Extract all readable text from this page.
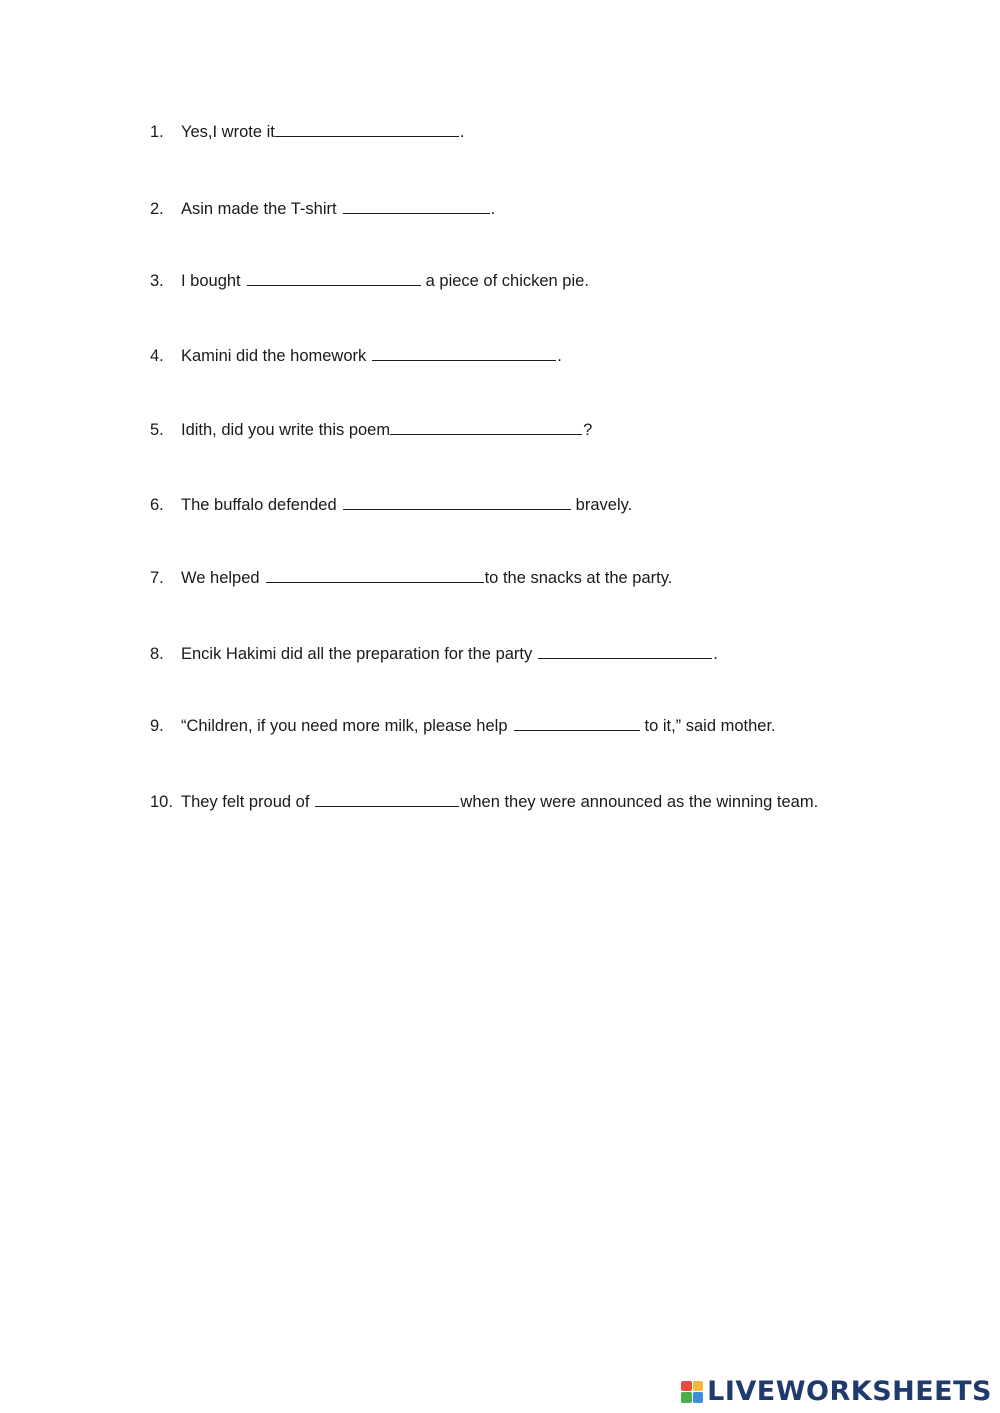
1.	Yes,I wrote it	.
2.	Asin made the T-shirt	.
3.	I bought	a piece of chicken pie.
4.	Kamini did the homework	.
5.	Idith, did you write this poem	?
6.	The buffalo defended	bravely.
7.	We helped	to the snacks at the party.
8.	Encik Hakimi did all the preparation for the party	.
9.	“Children, if you need more milk, please help	to it,” said mother.
10. They felt proud of	when they were announced as the winning team.
LIVEWORKSHEETS
